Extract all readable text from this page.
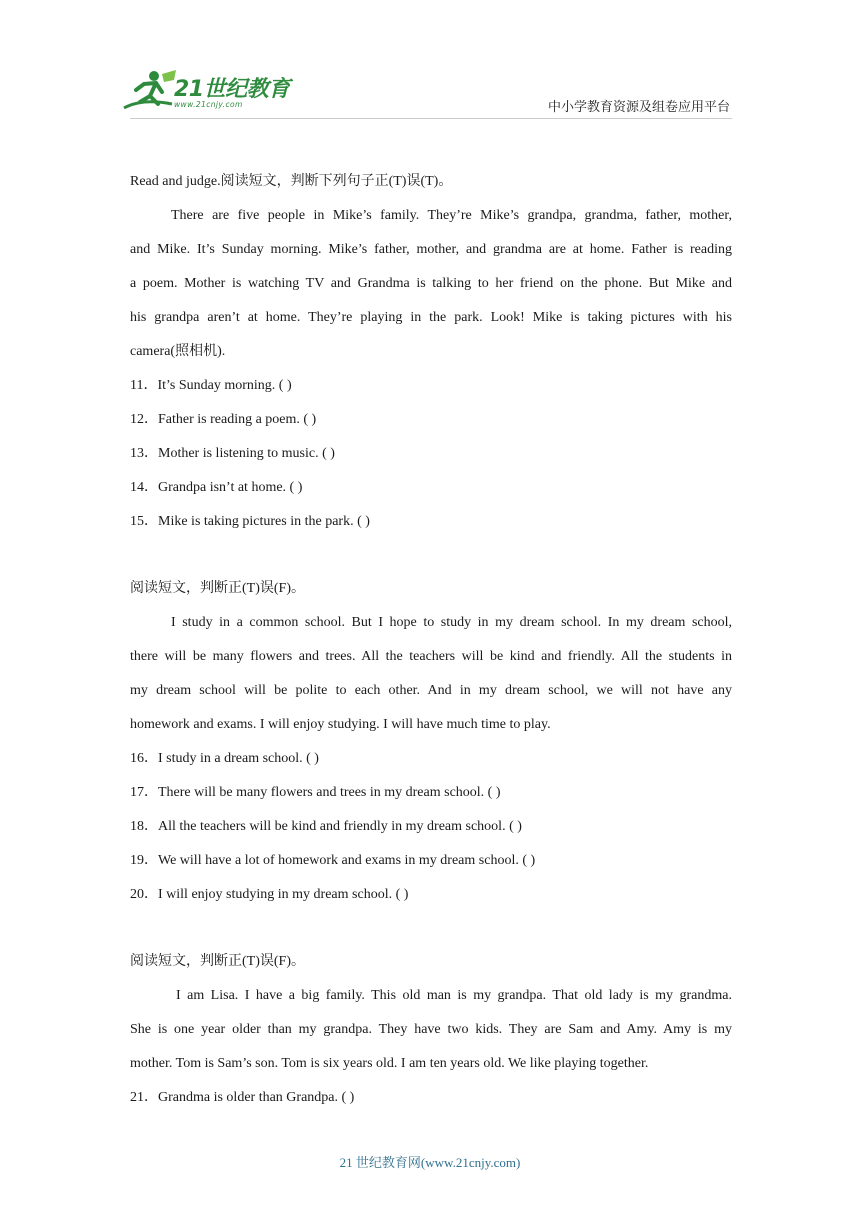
21世纪教育
www.21cnjy.com	中小学教育资源及组卷应用平台
Read and judge.阅读短文，判断下列句子正(T)误(T)。
There are five people in Mike’s family. They’re Mike’s grandpa, grandma, father, mother,
and Mike. It’s Sunday morning. Mike’s father, mother, and grandma are at home. Father is reading
a poem. Mother is watching TV and Grandma is talking to her friend on the phone. But Mike and
his grandpa aren’t at home. They’re playing in the park. Look! Mike is taking pictures with his
camera(照相机).
11．It’s Sunday morning. ( )
12．Father is reading a poem. ( )
13．Mother is listening to music. ( )
14．Grandpa isn’t at home. ( )
15．Mike is taking pictures in the park. ( )
阅读短文，判断正(T)误(F)。
I study in a common school. But I hope to study in my dream school. In my dream school,
there will be many flowers and trees. All the teachers will be kind and friendly. All the students in
my dream school will be polite to each other. And in my dream school, we will not have any
homework and exams. I will enjoy studying. I will have much time to play.
16．I study in a dream school. ( )
17．There will be many flowers and trees in my dream school. ( )
18．All the teachers will be kind and friendly in my dream school. ( )
19．We will have a lot of homework and exams in my dream school. ( )
20．I will enjoy studying in my dream school. ( )
阅读短文，判断正(T)误(F)。
I am Lisa. I have a big family. This old man is my grandpa. That old lady is my grandma.
She is one year older than my grandpa. They have two kids. They are Sam and Amy. Amy is my
mother. Tom is Sam’s son. Tom is six years old. I am ten years old. We like playing together.
21．Grandma is older than Grandpa. ( )
21 世纪教育网(www.21cnjy.com)
